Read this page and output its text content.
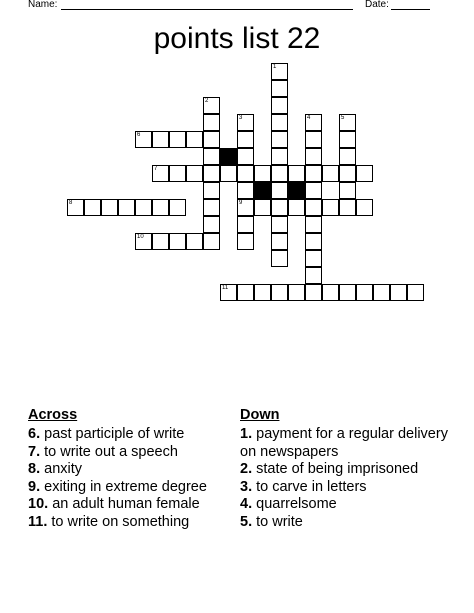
Name:	Date:
points list 22
6
7
8	9
10
11
1
2
3	4	5
Across

6. past participle of write

7. to write out a speech

8. anxity

9. exiting in extreme degree

10. an adult human female

11. to write on something

Down

1. payment for a regular delivery on newspapers

2. state of being imprisoned

3. to carve in letters

4. quarrelsome

5. to write
